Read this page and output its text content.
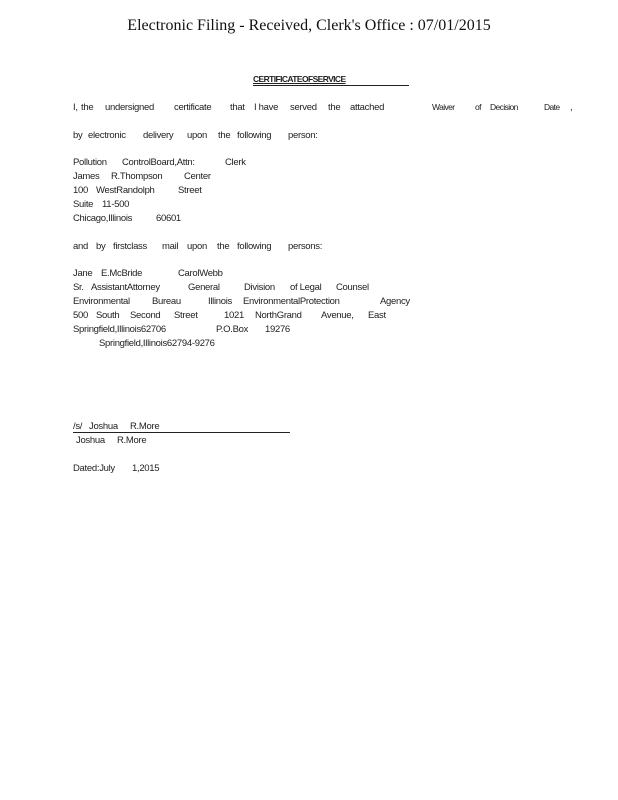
Electronic Filing - Received, Clerk's Office : 07/01/2015
CERTIFICATEOFSERVICE
I, the undersigned certificate that I have served the attached	Waiver of Decision	Date ,
by electronic delivery upon the following person:
Pollution ControlBoard,Attn:	Clerk
James R.Thompson Center
100 WestRandolph Street
Suite 11-500
Chicago,Illinois	60601
and by firstclass mail upon the following persons:
Jane E.McBride	CarolWebb
Sr. AssistantAttorney	General	Division of Legal Counsel
Environmental Bureau	Illinois EnvironmentalProtection	Agency
500 South Second Street	1021 NorthGrand Avenue, East
Springfield,Illinois62706	P.O.Box 19276
Springfield,Illinois62794-9276
/s/ Joshua R.More
Joshua R.More
Dated:July 1,2015
